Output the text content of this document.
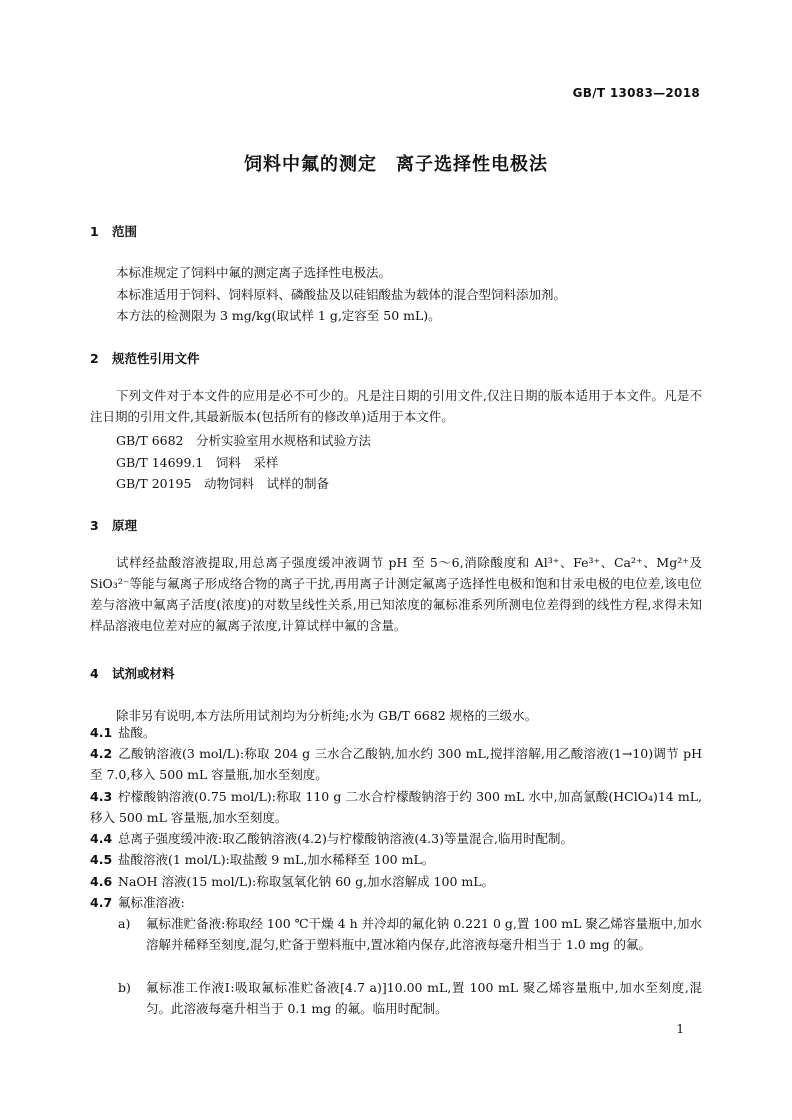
GB/T 13083—2018
饲料中氟的测定　离子选择性电极法
1 范围
本标准规定了饲料中氟的测定离子选择性电极法。
本标准适用于饲料、饲料原料、磷酸盐及以硅铝酸盐为载体的混合型饲料添加剂。
本方法的检测限为 3 mg/kg(取试样 1 g,定容至 50 mL)。
2 规范性引用文件
下列文件对于本文件的应用是必不可少的。凡是注日期的引用文件,仅注日期的版本适用于本文件。凡是不注日期的引用文件,其最新版本(包括所有的修改单)适用于本文件。
GB/T 6682　分析实验室用水规格和试验方法
GB/T 14699.1　饲料　采样
GB/T 20195　动物饲料　试样的制备
3 原理
试样经盐酸溶液提取,用总离子强度缓冲液调节 pH 至 5～6,消除酸度和 Al³⁺、Fe³⁺、Ca²⁺、Mg²⁺及 SiO₃²⁻等能与氟离子形成络合物的离子干扰,再用离子计测定氟离子选择性电极和饱和甘汞电极的电位差,该电位差与溶液中氟离子活度(浓度)的对数呈线性关系,用已知浓度的氟标准系列所测电位差得到的线性方程,求得未知样品溶液电位差对应的氟离子浓度,计算试样中氟的含量。
4 试剂或材料
除非另有说明,本方法所用试剂均为分析纯;水为 GB/T 6682 规格的三级水。
4.1 盐酸。
4.2 乙酸钠溶液(3 mol/L):称取 204 g 三水合乙酸钠,加水约 300 mL,搅拌溶解,用乙酸溶液(1→10)调节 pH 至 7.0,移入 500 mL 容量瓶,加水至刻度。
4.3 柠檬酸钠溶液(0.75 mol/L):称取 110 g 二水合柠檬酸钠溶于约 300 mL 水中,加高氯酸(HClO₄)14 mL,移入 500 mL 容量瓶,加水至刻度。
4.4 总离子强度缓冲液:取乙酸钠溶液(4.2)与柠檬酸钠溶液(4.3)等量混合,临用时配制。
4.5 盐酸溶液(1 mol/L):取盐酸 9 mL,加水稀释至 100 mL。
4.6 NaOH 溶液(15 mol/L):称取氢氧化钠 60 g,加水溶解成 100 mL。
4.7 氟标准溶液:
a) 氟标准贮备液:称取经 100 ℃干燥 4 h 并冷却的氟化钠 0.221 0 g,置 100 mL 聚乙烯容量瓶中,加水溶解并稀释至刻度,混匀,贮备于塑料瓶中,置冰箱内保存,此溶液每毫升相当于 1.0 mg 的氟。
b) 氟标准工作液Ⅰ:吸取氟标准贮备液[4.7 a)]10.00 mL,置 100 mL 聚乙烯容量瓶中,加水至刻度,混匀。此溶液每毫升相当于 0.1 mg 的氟。临用时配制。
1
